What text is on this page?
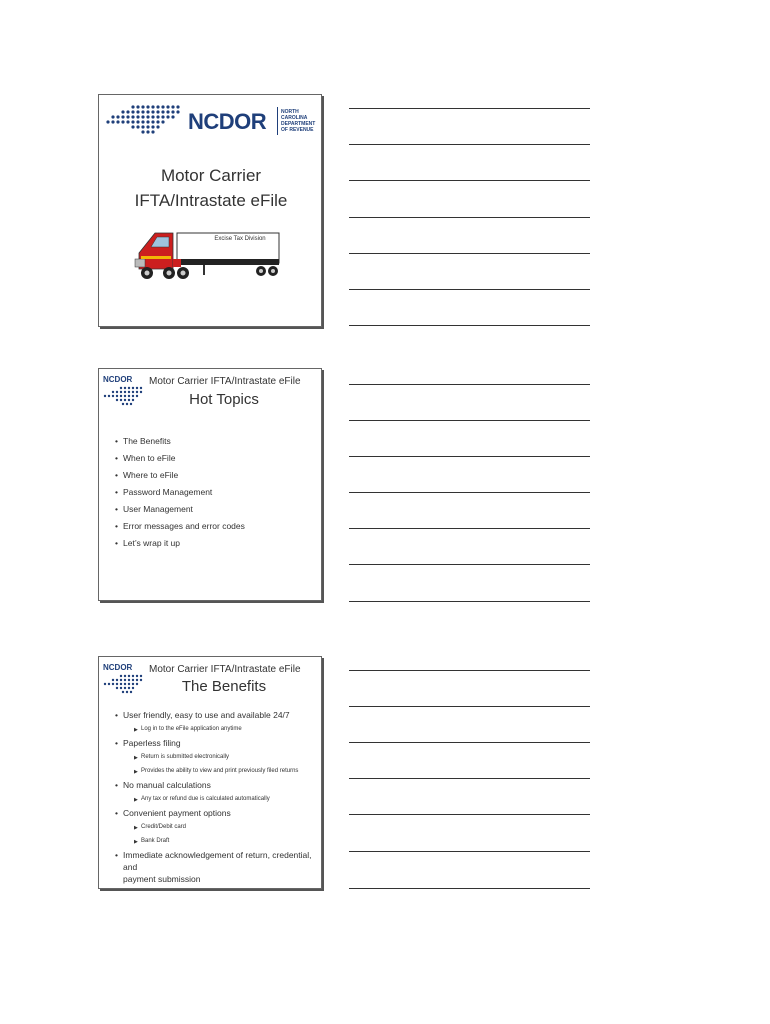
NCDOR	NORTH
CAROLINA
DEPARTMENT
OF REVENUE
Motor Carrier
IFTA/Intrastate eFile
Excise Tax Division
NCDOR Motor Carrier IFTA/Intrastate eFile
Hot Topics
• The Benefits
• When to eFile
• Where to eFile
• Password Management
• User Management
• Error messages and error codes
• Let’s wrap it up
NCDOR Motor Carrier IFTA/Intrastate eFile
The Benefits
• User friendly, easy to use and available 24/7
▶ Log in to the eFile application anytime
• Paperless filing
▶ Return is submitted electronically
▶ Provides the ability to view and print previously filed returns
• No manual calculations
▶ Any tax or refund due is calculated automatically
• Convenient payment options
▶ Credit/Debit card
▶ Bank Draft
• Immediate acknowledgement of return, credential, and
payment submission
